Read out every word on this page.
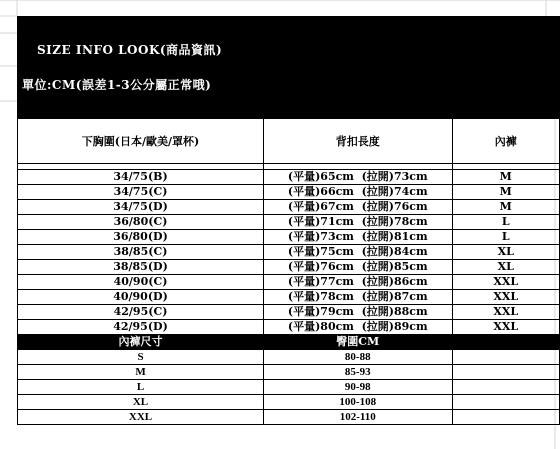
SIZE INFO LOOK(商品資訊)
單位:CM(誤差1-3公分屬正常哦)
下胸圍(日本/歐美/罩杯)	背扣長度	內褲

34/75(B)	(平量)65cm  (拉開)73cm	M
34/75(C)	(平量)66cm  (拉開)74cm	M
34/75(D)	(平量)67cm  (拉開)76cm	M
36/80(C)	(平量)71cm  (拉開)78cm	L
36/80(D)	(平量)73cm  (拉開)81cm	L
38/85(C)	(平量)75cm  (拉開)84cm	XL
38/85(D)	(平量)76cm  (拉開)85cm	XL
40/90(C)	(平量)77cm  (拉開)86cm	XXL
40/90(D)	(平量)78cm  (拉開)87cm	XXL
42/95(C)	(平量)79cm  (拉開)88cm	XXL
42/95(D)	(平量)80cm  (拉開)89cm	XXL
內褲尺寸	臀圍CM	
S	80-88	
M	85-93	
L	90-98	
XL	100-108	
XXL	102-110	
